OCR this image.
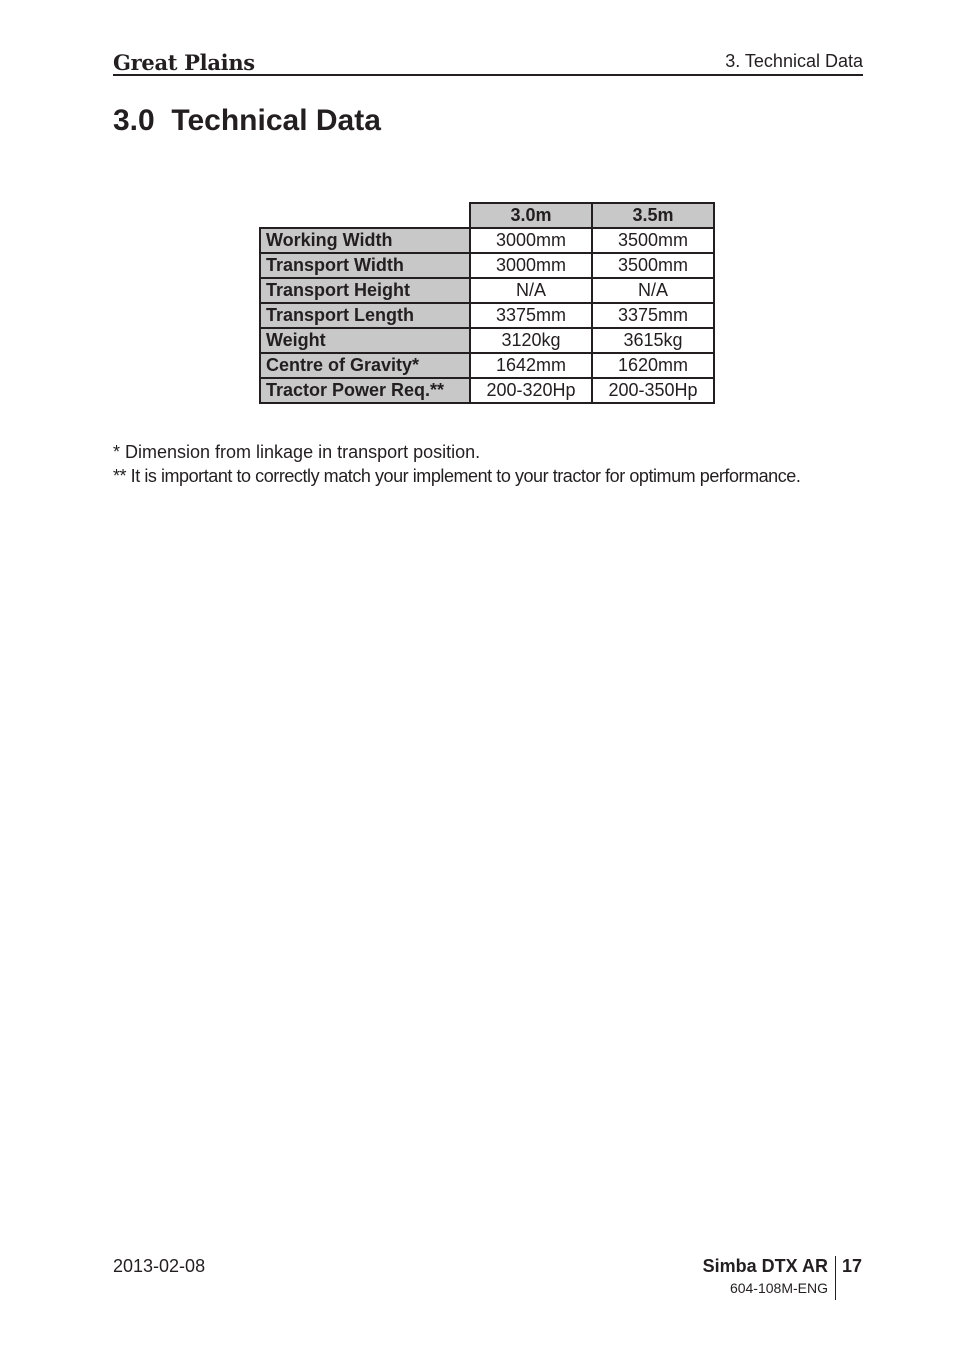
Great Plains	3. Technical Data
3.0  Technical Data
	3.0m	3.5m
Working Width	3000mm	3500mm
Transport Width	3000mm	3500mm
Transport Height	N/A	N/A
Transport Length	3375mm	3375mm
Weight	3120kg	3615kg
Centre of Gravity*	1642mm	1620mm
Tractor Power Req.**	200-320Hp	200-350Hp
* Dimension from linkage in transport position.
** It is important to correctly match your implement to your tractor for optimum performance.
2013-02-08	Simba DTX AR
604-108M-ENG
17
